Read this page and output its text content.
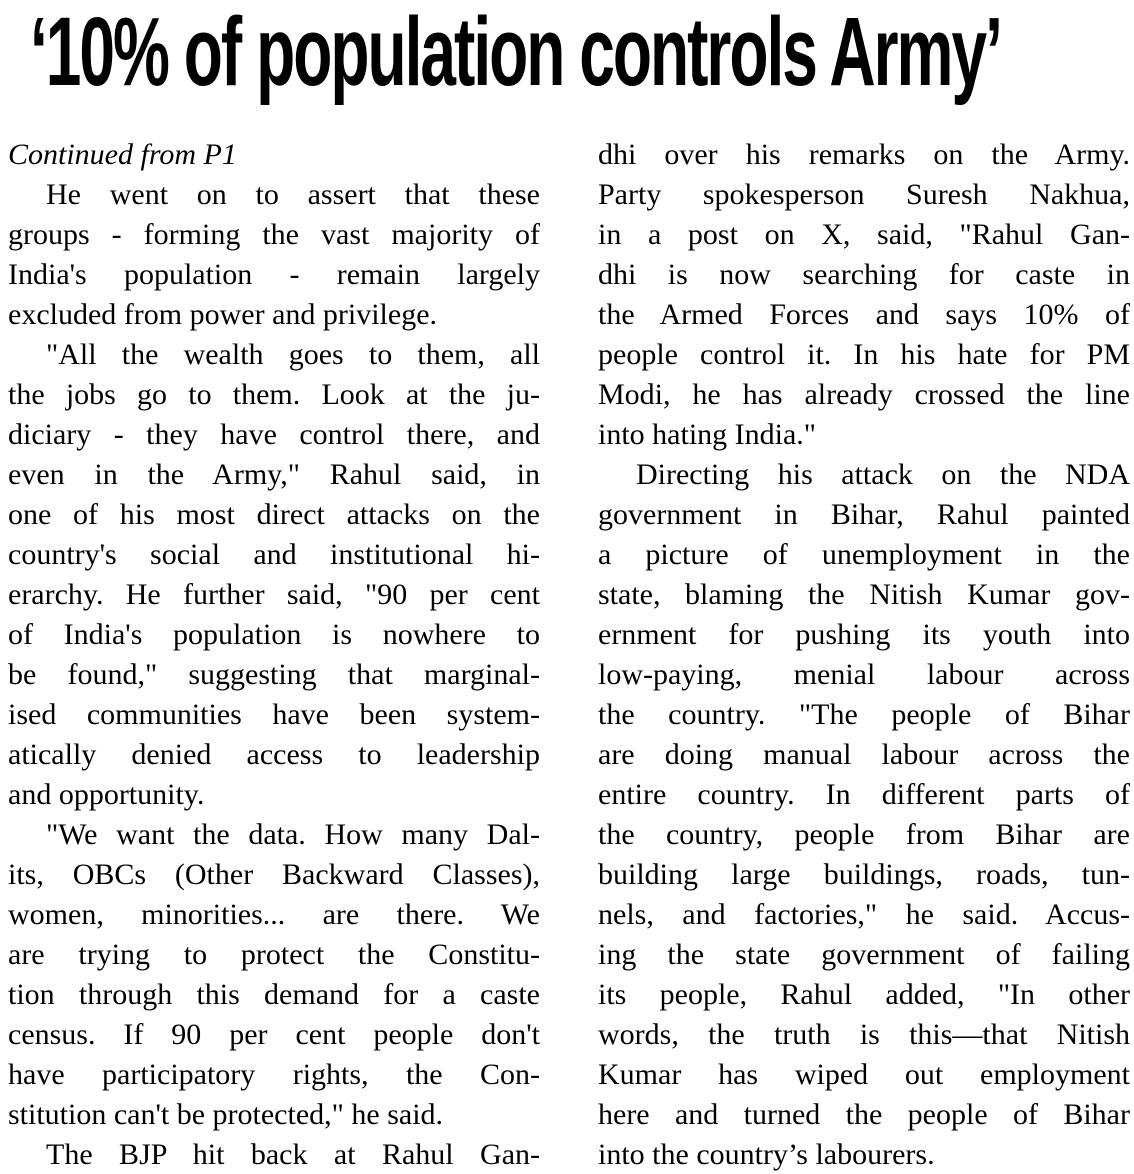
‘10% of population controls Army’
Continued from P1
He went on to assert that these
groups - forming the vast majority of
India's population - remain largely
excluded from power and privilege.
"All the wealth goes to them, all
the jobs go to them. Look at the ju-
diciary - they have control there, and
even in the Army," Rahul said, in
one of his most direct attacks on the
country's social and institutional hi-
erarchy. He further said, "90 per cent
of India's population is nowhere to
be found," suggesting that marginal-
ised communities have been system-
atically denied access to leadership
and opportunity.
"We want the data. How many Dal-
its, OBCs (Other Backward Classes),
women, minorities... are there. We
are trying to protect the Constitu-
tion through this demand for a caste
census. If 90 per cent people don't
have participatory rights, the Con-
stitution can't be protected," he said.
The BJP hit back at Rahul Gan-
dhi over his remarks on the Army.
Party spokesperson Suresh Nakhua,
in a post on X, said, "Rahul Gan-
dhi is now searching for caste in
the Armed Forces and says 10% of
people control it. In his hate for PM
Modi, he has already crossed the line
into hating India."
Directing his attack on the NDA
government in Bihar, Rahul painted
a picture of unemployment in the
state, blaming the Nitish Kumar gov-
ernment for pushing its youth into
low-paying, menial labour across
the country. "The people of Bihar
are doing manual labour across the
entire country. In different parts of
the country, people from Bihar are
building large buildings, roads, tun-
nels, and factories," he said. Accus-
ing the state government of failing
its people, Rahul added, "In other
words, the truth is this—that Nitish
Kumar has wiped out employment
here and turned the people of Bihar
into the country’s labourers.
